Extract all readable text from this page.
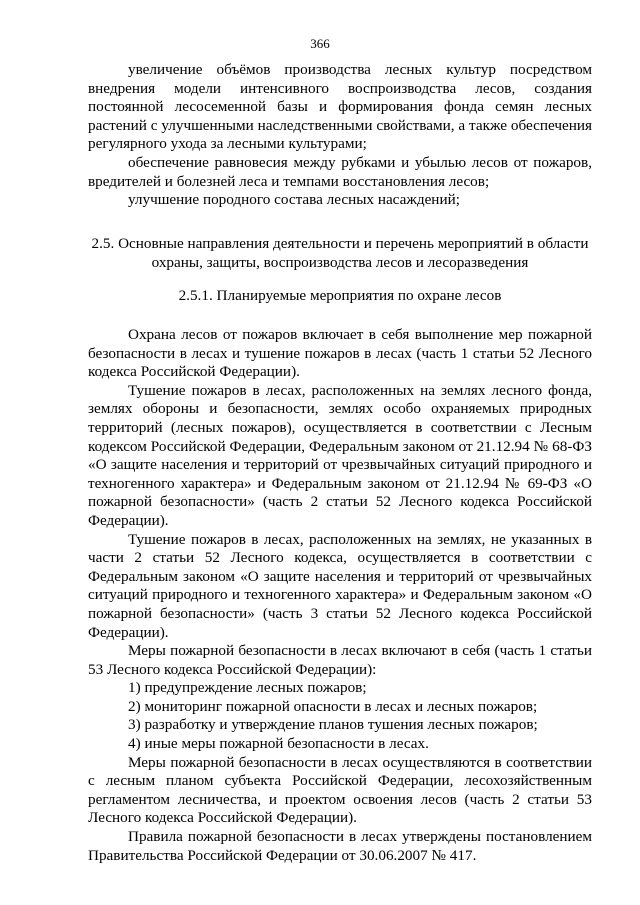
366

увеличение объёмов производства лесных культур посредством внедрения модели интенсивного воспроизводства лесов, создания постоянной лесосеменной базы и формирования фонда семян лесных растений с улучшенными наследственными свойствами, а также обеспечения регулярного ухода за лесными культурами;

обеспечение равновесия между рубками и убылью лесов от пожаров, вредителей и болезней леса и темпами восстановления лесов;

улучшение породного состава лесных насаждений;

2.5. Основные направления деятельности и перечень мероприятий в области охраны, защиты, воспроизводства лесов и лесоразведения
2.5.1. Планируемые мероприятия по охране лесов

Охрана лесов от пожаров включает в себя выполнение мер пожарной безопасности в лесах и тушение пожаров в лесах (часть 1 статьи 52 Лесного кодекса Российской Федерации).

Тушение пожаров в лесах, расположенных на землях лесного фонда, землях обороны и безопасности, землях особо охраняемых природных территорий (лесных пожаров), осуществляется в соответствии с Лесным кодексом Российской Федерации, Федеральным законом от 21.12.94 № 68-ФЗ «О защите населения и территорий от чрезвычайных ситуаций природного и техногенного характера» и Федеральным законом от 21.12.94 № 69-ФЗ «О пожарной безопасности» (часть 2 статьи 52 Лесного кодекса Российской Федерации).

Тушение пожаров в лесах, расположенных на землях, не указанных в части 2 статьи 52 Лесного кодекса, осуществляется в соответствии с Федеральным законом «О защите населения и территорий от чрезвычайных ситуаций природного и техногенного характера» и Федеральным законом «О пожарной безопасности» (часть 3 статьи 52 Лесного кодекса Российской Федерации).

Меры пожарной безопасности в лесах включают в себя (часть 1 статьи 53 Лесного кодекса Российской Федерации):

1) предупреждение лесных пожаров;

2) мониторинг пожарной опасности в лесах и лесных пожаров;

3) разработку и утверждение планов тушения лесных пожаров;

4) иные меры пожарной безопасности в лесах.

Меры пожарной безопасности в лесах осуществляются в соответствии с лесным планом субъекта Российской Федерации, лесохозяйственным регламентом лесничества, и проектом освоения лесов (часть 2 статьи 53 Лесного кодекса Российской Федерации).

Правила пожарной безопасности в лесах утверждены постановлением Правительства Российской Федерации от 30.06.2007 № 417.
